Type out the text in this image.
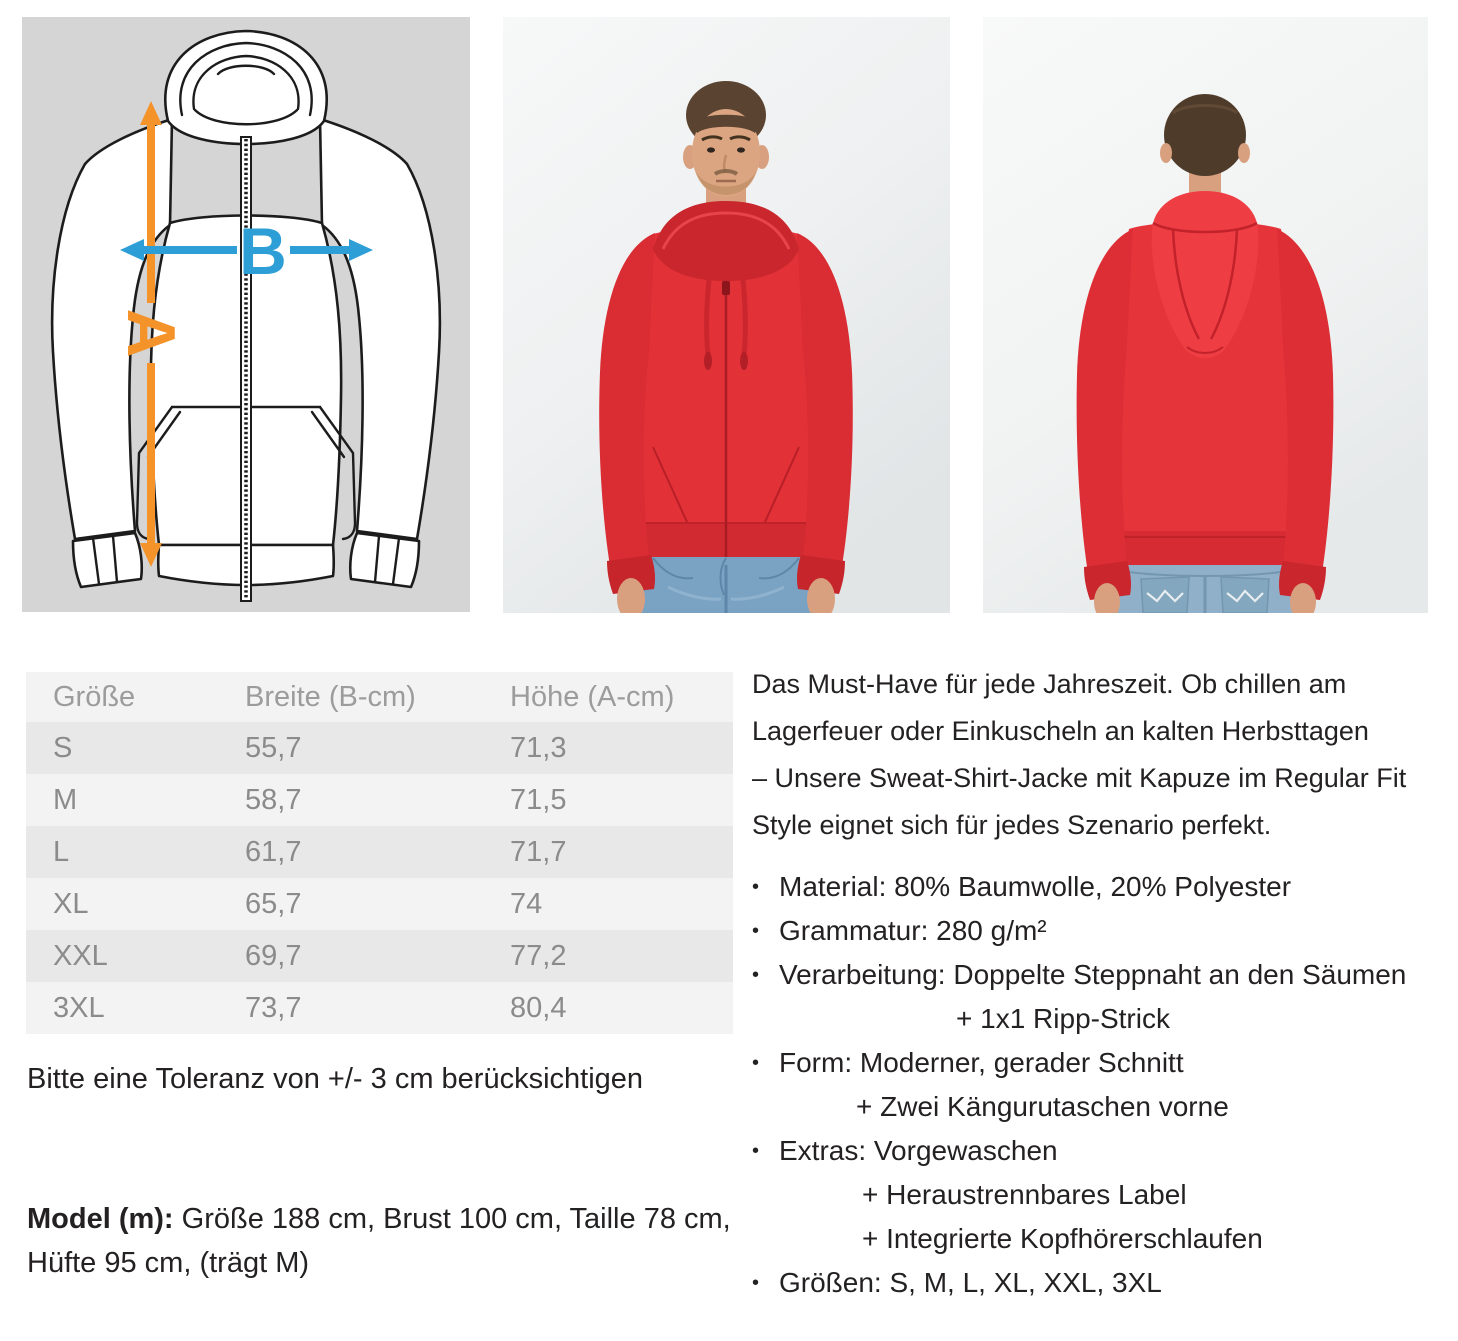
A
B
Größe	Breite (B-cm)	Höhe (A-cm)
S	55,7	71,3
M	58,7	71,5
L	61,7	71,7
XL	65,7	74
XXL	69,7	77,2
3XL	73,7	80,4
Bitte eine Toleranz von +/- 3 cm berücksichtigen
Model (m): Größe 188 cm, Brust 100 cm, Taille 78 cm,
Hüfte 95 cm, (trägt M)

Das Must-Have für jede Jahreszeit. Ob chillen am Lagerfeuer oder Einkuscheln an kalten Herbsttagen

– Unsere Sweat-Shirt-Jacke mit Kapuze im Regular Fit Style eignet sich für jedes Szenario perfekt.

• Material: 80% Baumwolle, 20% Polyester
• Grammatur: 280 g/m²
• Verarbeitung: Doppelte Steppnaht an den Säumen
+ 1x1 Ripp-Strick
• Form: Moderner, gerader Schnitt
+ Zwei Kängurutaschen vorne
• Extras: Vorgewaschen
+ Heraustrennbares Label
+ Integrierte Kopfhörerschlaufen
• Größen: S, M, L, XL, XXL, 3XL
